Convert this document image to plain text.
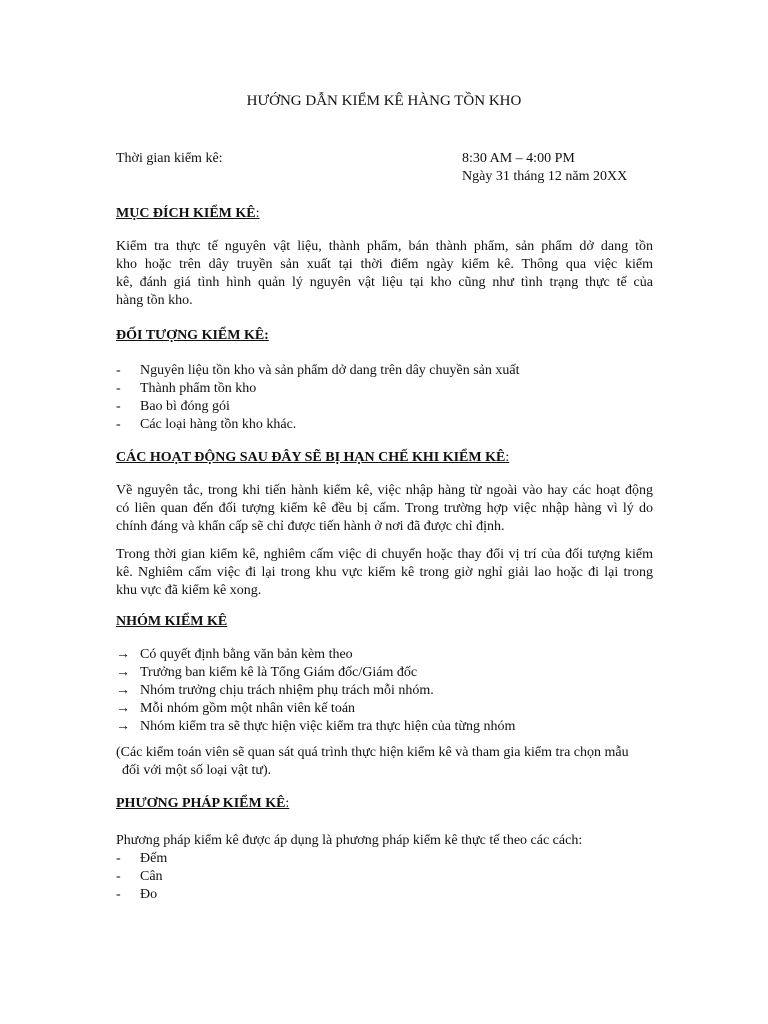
HƯỚNG DẪN KIỂM KÊ HÀNG TỒN KHO
Thời gian kiểm kê:	8:30 AM – 4:00 PM
Ngày 31 tháng 12 năm 20XX
MỤC ĐÍCH KIỂM KÊ:
Kiểm tra thực tế nguyên vật liệu, thành phẩm, bán thành phẩm, sản phẩm dở dang tồn
kho hoặc trên dây truyền sản xuất tại thời điểm ngày kiểm kê. Thông qua việc kiểm
kê, đánh giá tình hình quản lý nguyên vật liệu tại kho cũng như tình trạng thực tế của
hàng tồn kho.
ĐỐI TƯỢNG KIỂM KÊ:
-	Nguyên liệu tồn kho và sản phẩm dở dang trên dây chuyền sản xuất
-	Thành phẩm tồn kho
-	Bao bì đóng gói
-	Các loại hàng tồn kho khác.
CÁC HOẠT ĐỘNG SAU ĐÂY SẼ BỊ HẠN CHẾ KHI KIỂM KÊ:
Về nguyên tắc, trong khi tiến hành kiểm kê, việc nhập hàng từ ngoài vào hay các hoạt động
có liên quan đến đối tượng kiểm kê đều bị cấm. Trong trường hợp việc nhập hàng vì lý do
chính đáng và khẩn cấp sẽ chỉ được tiến hành ở nơi đã được chỉ định.
Trong thời gian kiểm kê, nghiêm cấm việc di chuyển hoặc thay đổi vị trí của đối tượng kiểm
kê. Nghiêm cấm việc đi lại trong khu vực kiểm kê trong giờ nghỉ giải lao hoặc đi lại trong
khu vực đã kiểm kê xong.
NHÓM KIỂM KÊ
→ Có quyết định bằng văn bản kèm theo
→ Trưởng ban kiểm kê là Tổng Giám đốc/Giám đốc
→ Nhóm trưởng chịu trách nhiệm phụ trách mỗi nhóm.
→ Mỗi nhóm gồm một nhân viên kế toán
→ Nhóm kiểm tra sẽ thực hiện việc kiểm tra thực hiện của từng nhóm
(Các kiểm toán viên sẽ quan sát quá trình thực hiện kiểm kê và tham gia kiểm tra chọn mẫu
đối với một số loại vật tư).
PHƯƠNG PHÁP KIỂM KÊ:
Phương pháp kiểm kê được áp dụng là phương pháp kiểm kê thực tế theo các cách:
-	Đếm
-	Cân
-	Đo
